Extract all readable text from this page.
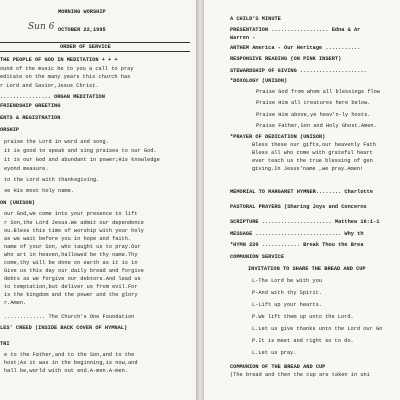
MORNING WORSHIP
Sun 6 OCTOBER 22,1995
ORDER OF SERVICE
THE PEOPLE OF GOD IN MEDITATION + + +
ound of the music be to you a call to pray
editate on the many years this church has
r Lord and Savior,Jesus Christ.
................ ORGAN MEDITATION
FRIENDSHIP GREETING
ENTS & REGISTRATION
ORSHIP
praise the Lord in word and song.
it is good to speak and sing praises to our God.
it is our God and abundant in power;His knowledge
eyond measure.
to the Lord with thanksgiving.
se His most holy name.
ON (UNISON)
our God,we come into your presence to lift
r Son,the Lord Jesus.We admit our dependence
ou.Bless this time of worship with your holy
as we wait before you in hope and faith.
name of your Son, who taught us to pray.Our
who art in heaven,hallowed be thy name.Thy
come,thy will be done on earth as it is in
Give us this day our daily bread and forgive
debts as we forgive our debtors.And lead us
to temptation,but deliver us from evil.For
is the kingdom and the power and the glory
r.Amen.
............. The Church's One Foundation
LES' CREED (INSIDE BACK COVER OF HYMNAL)
TRI
e to the Father,and to the Son,and to the
host;As it was in the beginning,is now,and
hall be,world with out end.A-men.A-men.
A CHILD'S MINUTE
PRESENTATION .................. Edna & Ar
Warren -
ANTHEM America - Our Heritage ...........
RESPONSIVE READING (ON PINK INSERT)
STEWARDSHIP OF GIVING .....................
*DOXOLOGY (UNISON)
Praise God from whom all blessings flow
Praise Him all creatures here below.
Praise Him above,ye heav'n-ly hosts.
Praise Father,Son and Holy Ghost.Amen.
*PRAYER OF DEDICATION (UNISON)
Bless these our gifts,our heavenly Fath
Bless all who come with grateful heart
ever teach us the true blessing of gen
giving.In Jesus'name ,we pray.Amen!
MEMORIAL TO MARGARET HYMNER........ Charlotte
PASTORAL PRAYERS (Sharing Joys and Concerns
SCRIPTURE ...................... Matthew 16:1-1
MESSAGE ........................... Why th
*HYMN 220 ............ Break Thou the Brea
COMMUNION SERVICE
INVITATION TO SHARE THE BREAD AND CUP
L-The Lord be with you
P-And with thy Spirit.
L-Lift up your hearts.
P.We lift them up unto the Lord.
L.Let us give thanks unto the Lord our Go
P.It is meet and right so to do.
L.Let us pray.
COMMUNION OF THE BREAD AND CUP
(The bread and then the cup are taken in uni
